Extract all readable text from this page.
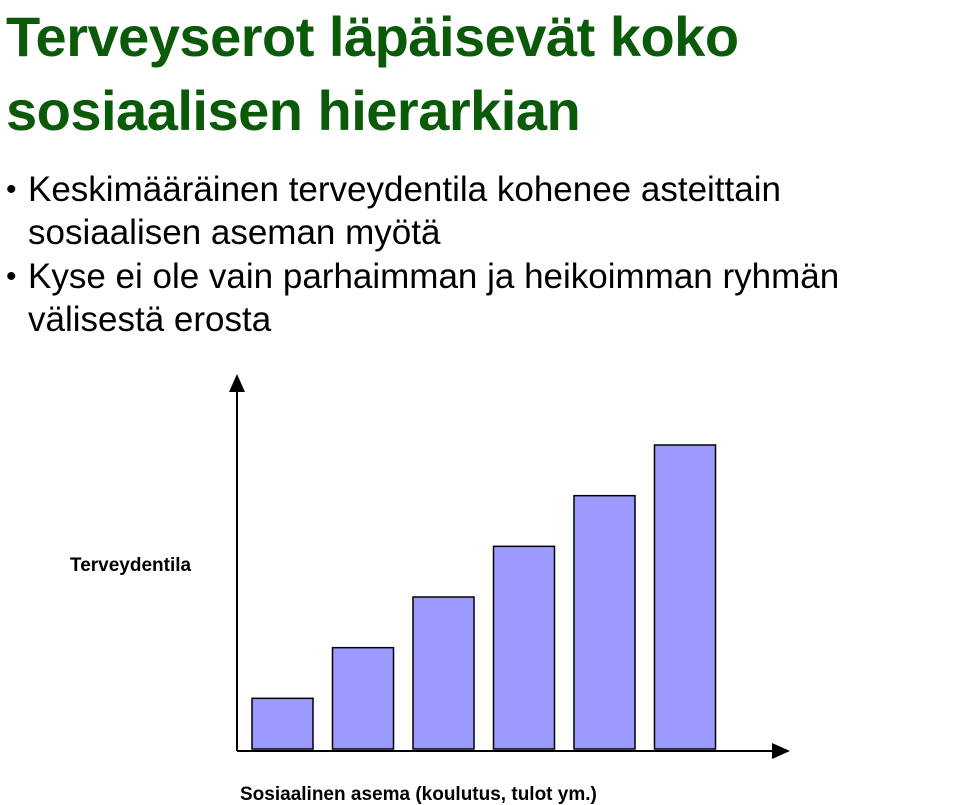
Terveyserot läpäisevät koko sosiaalisen hierarkian
• Keskimääräinen terveydentila kohenee asteittain sosiaalisen aseman myötä
• Kyse ei ole vain parhaimman ja heikoimman ryhmän välisestä erosta
Terveydentila
Sosiaalinen asema (koulutus, tulot ym.)
